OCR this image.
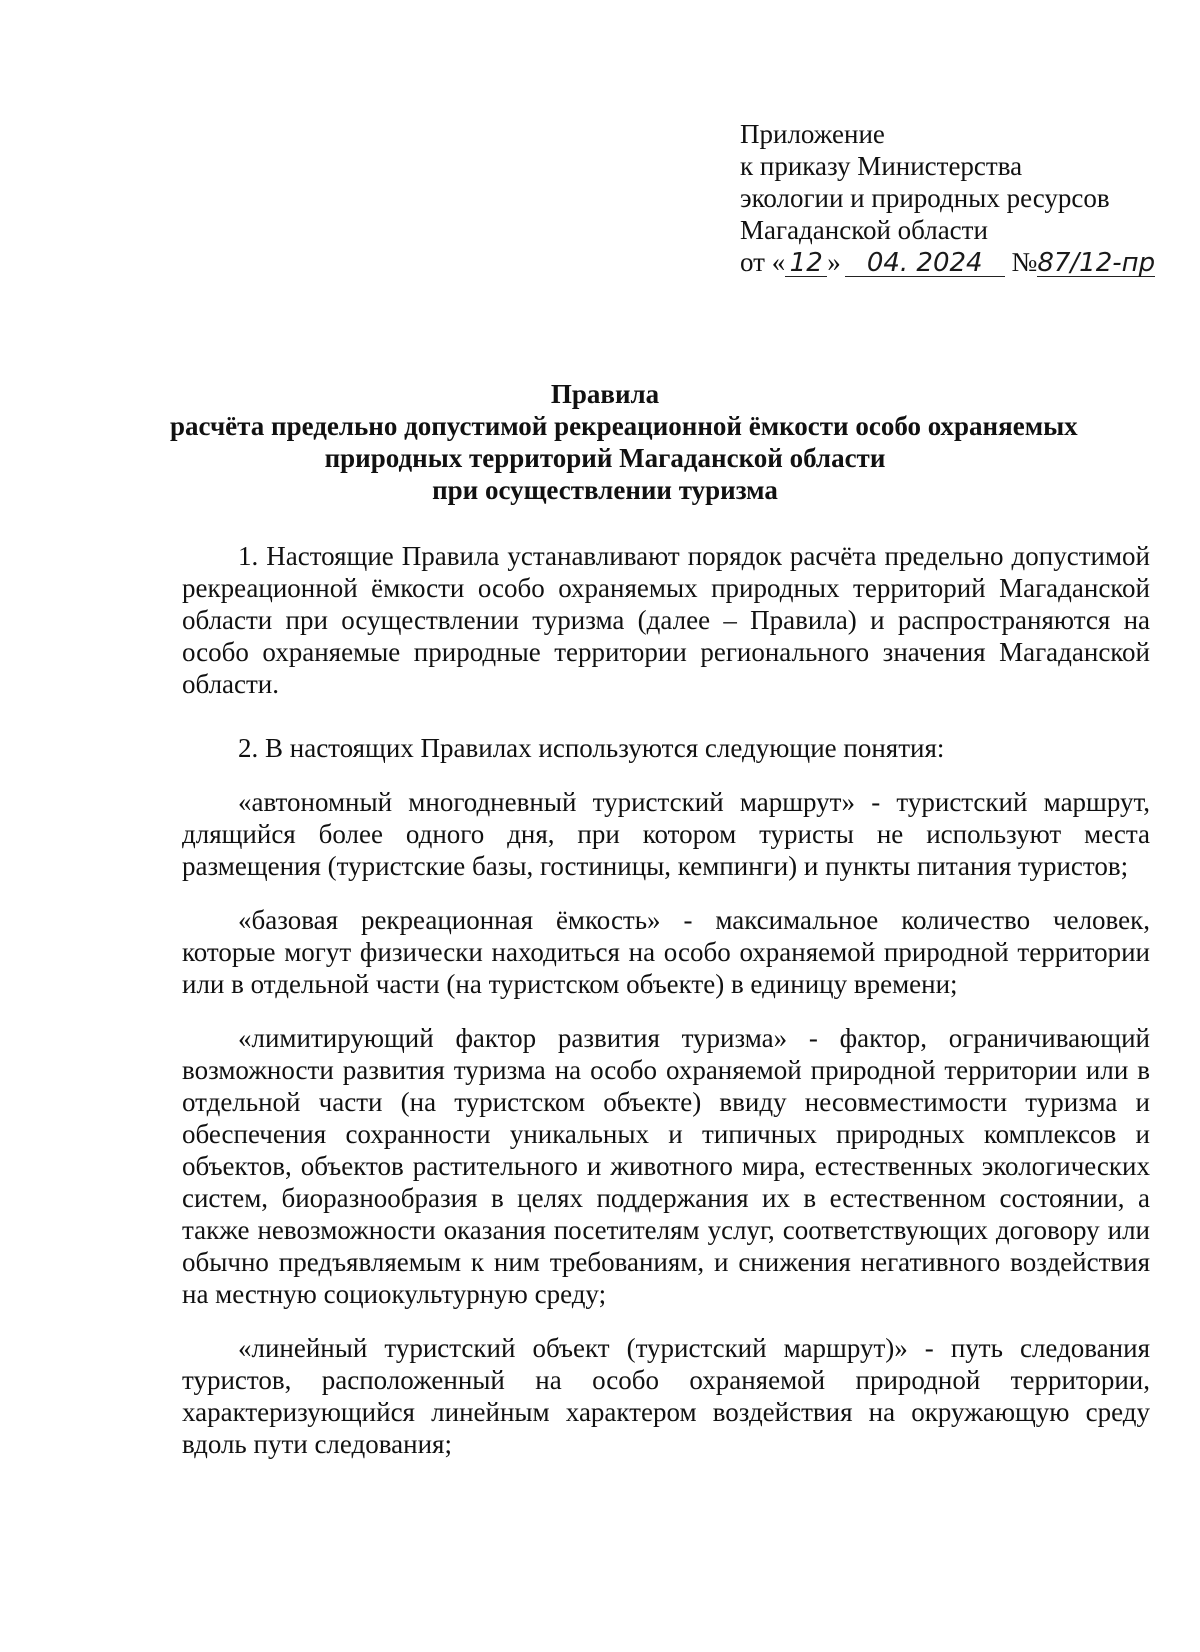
Приложение
к приказу Министерства
экологии и природных ресурсов
Магаданской области
от « 12 » 04. 2024 №87/12-пр
Правила
расчёта предельно допустимой рекреационной ёмкости особо охраняемых
природных территорий Магаданской области
при осуществлении туризма

1. Настоящие Правила устанавливают порядок расчёта предельно допустимой рекреационной ёмкости особо охраняемых природных территорий Магаданской области при осуществлении туризма (далее – Правила) и распространяются на особо охраняемые природные территории регионального значения Магаданской области.

2. В настоящих Правилах используются следующие понятия:

«автономный многодневный туристский маршрут» - туристский маршрут, длящийся более одного дня, при котором туристы не используют места размещения (туристские базы, гостиницы, кемпинги) и пункты питания туристов;

«базовая рекреационная ёмкость» - максимальное количество человек, которые могут физически находиться на особо охраняемой природной территории или в отдельной части (на туристском объекте) в единицу времени;

«лимитирующий фактор развития туризма» - фактор, ограничивающий возможности развития туризма на особо охраняемой природной территории или в отдельной части (на туристском объекте) ввиду несовместимости туризма и обеспечения сохранности уникальных и типичных природных комплексов и объектов, объектов растительного и животного мира, естественных экологических систем, биоразнообразия в целях поддержания их в естественном состоянии, а также невозможности оказания посетителям услуг, соответствующих договору или обычно предъявляемым к ним требованиям, и снижения негативного воздействия на местную социокультурную среду;

«линейный туристский объект (туристский маршрут)» - путь следования туристов, расположенный на особо охраняемой природной территории, характеризующийся линейным характером воздействия на окружающую среду вдоль пути следования;
